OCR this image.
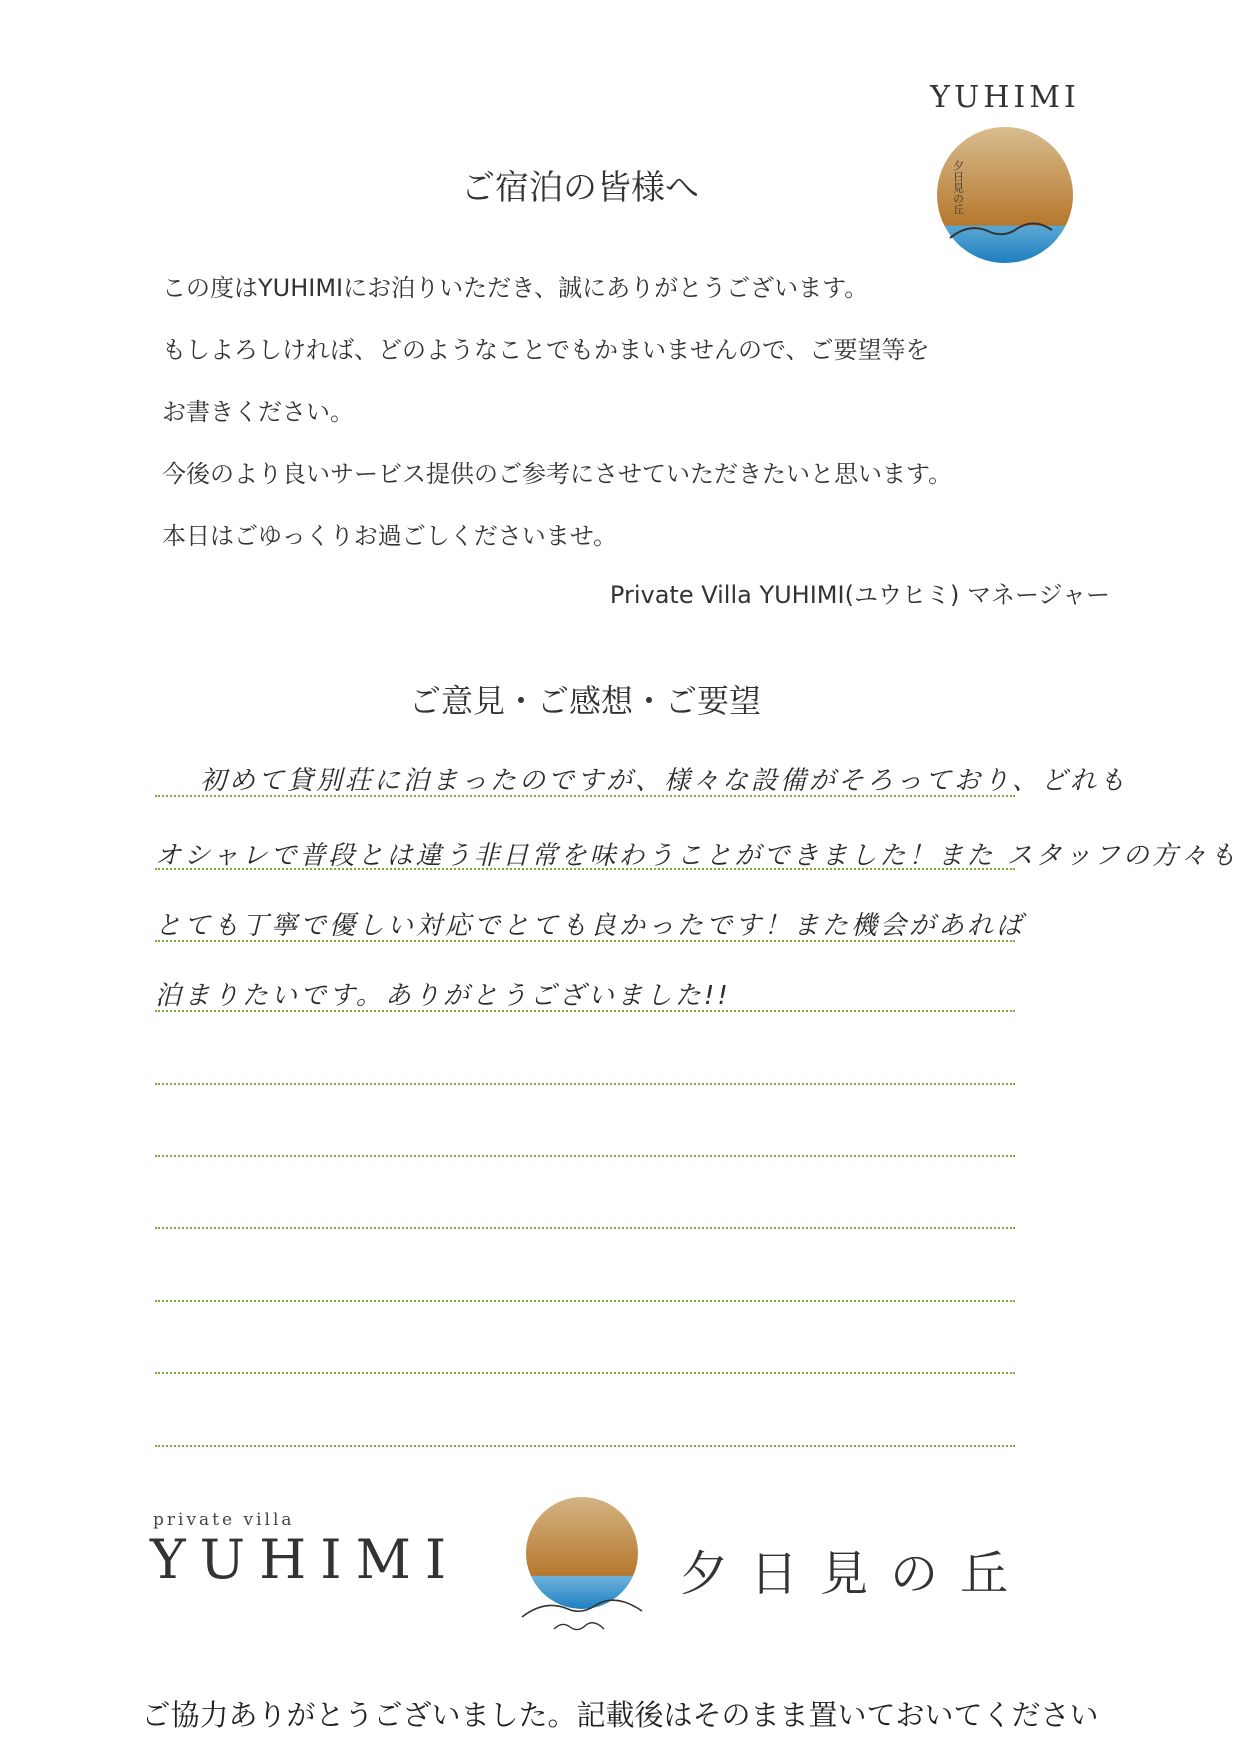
YUHIMI
夕日見の丘
ご宿泊の皆様へ
この度はYUHIMIにお泊りいただき、誠にありがとうございます。
もしよろしければ、どのようなことでもかまいませんので、ご要望等を
お書きください。
今後のより良いサービス提供のご参考にさせていただきたいと思います。
本日はごゆっくりお過ごしくださいませ。
Private Villa YUHIMI(ユウヒミ) マネージャー
ご意見・ご感想・ご要望
初めて貸別荘に泊まったのですが、様々な設備がそろっており、どれも
オシャレで普段とは違う非日常を味わうことができました！また スタッフの方々も
とても丁寧で優しい対応でとても良かったです！また機会があれば
泊まりたいです。ありがとうございました!!
private villa
YUHIMI	夕日見の丘
ご協力ありがとうございました。記載後はそのまま置いておいてください
